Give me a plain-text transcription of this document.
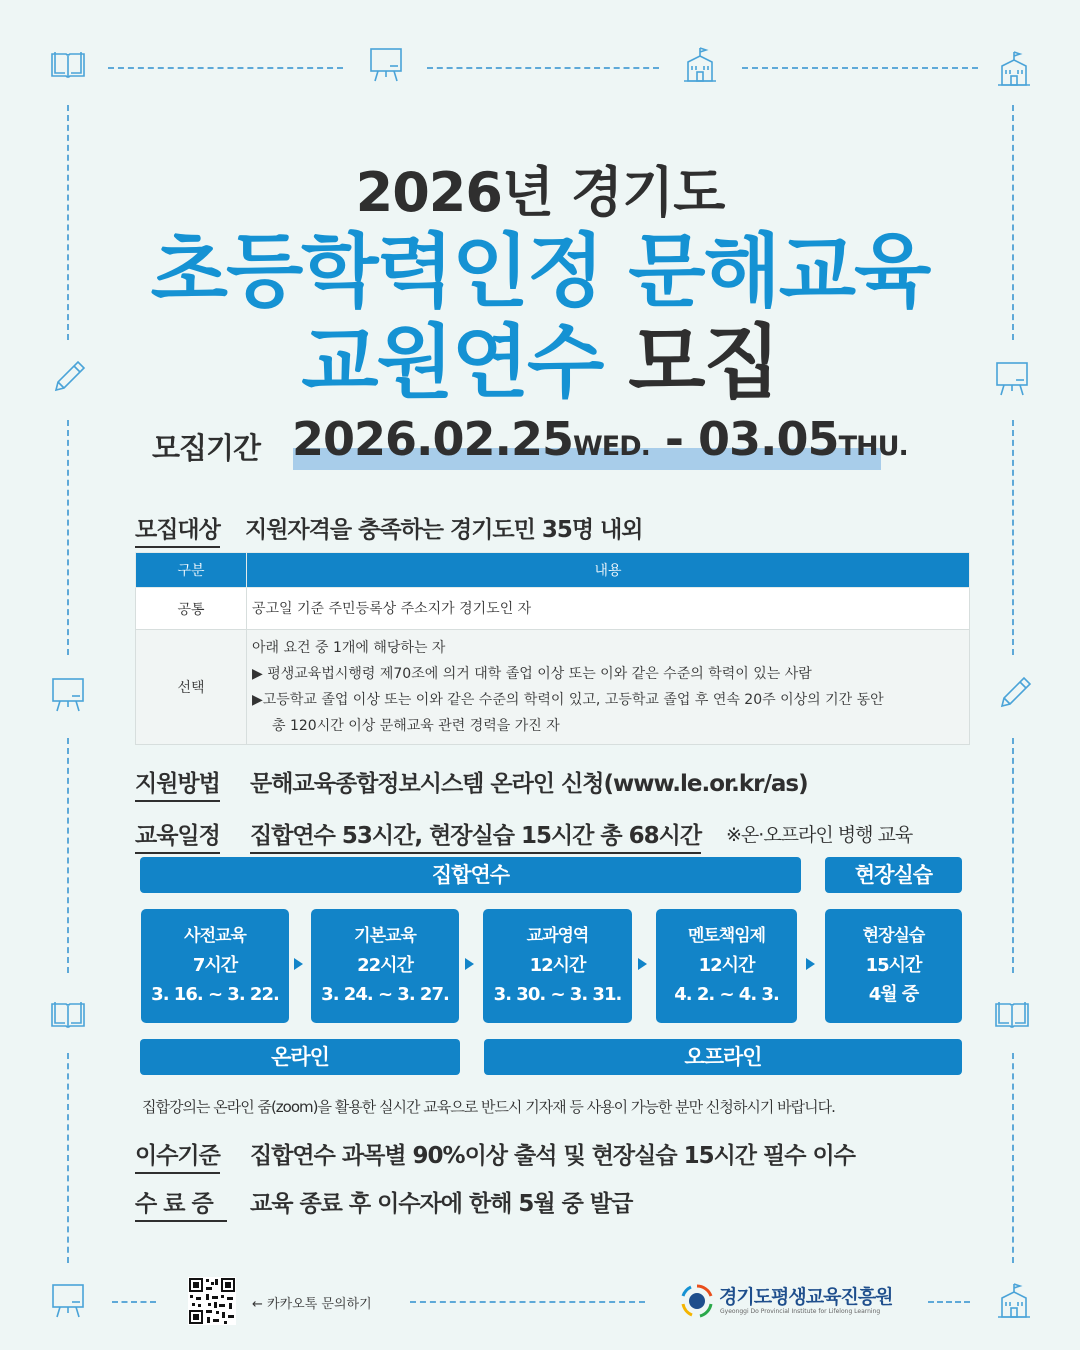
2026년 경기도
초등학력인정 문해교육
교원연수 모집
모집기간 2026.02.25WED. - 03.05THU.
모집대상 지원자격을 충족하는 경기도민 35명 내외
구분	내용
공통	공고일 기준 주민등록상 주소지가 경기도인 자
선택	아래 요건 중 1개에 해당하는 자
▶ 평생교육법시행령 제70조에 의거 대학 졸업 이상 또는 이와 같은 수준의 학력이 있는 사람
▶고등학교 졸업 이상 또는 이와 같은 수준의 학력이 있고, 고등학교 졸업 후 연속 20주 이상의 기간 동안
총 120시간 이상 문해교육 관련 경력을 가진 자
지원방법 문해교육종합정보시스템 온라인 신청(www.le.or.kr/as)
교육일정 집합연수 53시간, 현장실습 15시간 총 68시간 ※온·오프라인 병행 교육
집합연수	현장실습
사전교육
7시간
3. 16. ~ 3. 22.
기본교육
22시간
3. 24. ~ 3. 27.
교과영역
12시간
3. 30. ~ 3. 31.
멘토책임제
12시간
4. 2. ~ 4. 3.
현장실습
15시간
4월 중
온라인	오프라인
집합강의는 온라인 줌(zoom)을 활용한 실시간 교육으로 반드시 기자재 등 사용이 가능한 분만 신청하시기 바랍니다.
이수기준 집합연수 과목별 90%이상 출석 및 현장실습 15시간 필수 이수
수 료 증	교육 종료 후 이수자에 한해 5월 중 발급
← 카카오톡 문의하기	경기도평생교육진흥원
Gyeonggi Do Provincial Institute for Lifelong Learning
